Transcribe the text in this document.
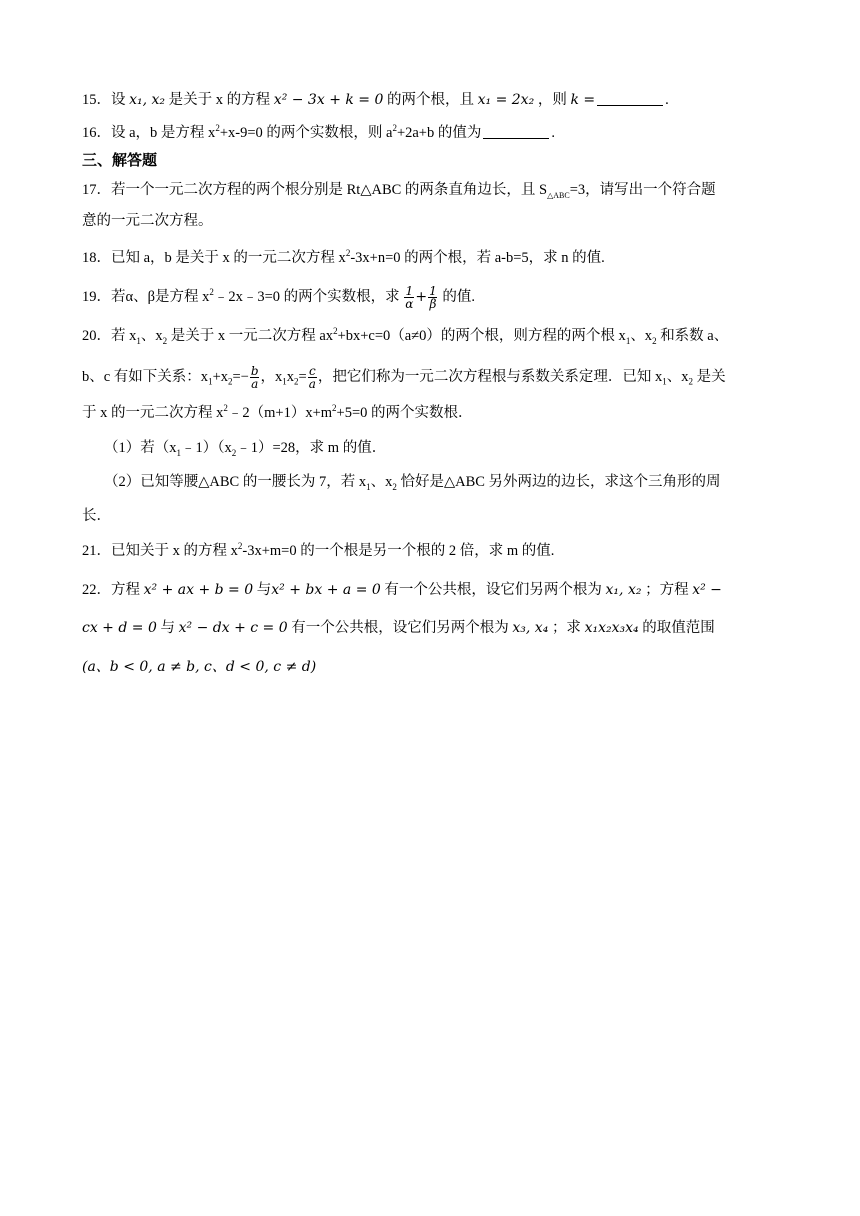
15．设 x₁, x₂ 是关于 x 的方程 x² − 3x + k = 0 的两个根，且 x₁ = 2x₂ ，则 k =	.
16．设 a，b 是方程 $x^2+x-9=0$ 的两个实数根，则 $a^2+2a+b$ 的值为	.
三、解答题
17．若一个一元二次方程的两个根分别是 Rt△ABC 的两条直角边长，且 $S_{\triangle ABC}=3$，请写出一个符合题
意的一元二次方程。
18．已知 a，b 是关于 x 的一元二次方程 $x^2-3x+n=0$ 的两个根，若 a-b=5，求 n 的值.
19．若α、β是方程 $x^2﹣2x﹣3=0$ 的两个实数根，求 $\frac{1}{\alpha} + \frac{1}{\beta}$ 的值.
20．若 $x_1$、$x_2$ 是关于 x 一元二次方程 $ax^2+bx+c=0(a\ne 0)$的两个根，则方程的两个根 $x_1$、$x_2$ 和系数 a、
b、c 有如下关系：$x_1+x_2=- \frac{b}{a}$ ，$x_1x_2= \frac{c}{a}$ ，把它们称为一元二次方程根与系数关系定理．已知 $x_1$、$x_2$ 是关
于 x 的一元二次方程 $x^2﹣2(m+1)x+m^2+5=0$ 的两个实数根．
（1）若$(x_1﹣1)(x_2﹣1)=28$，求 m 的值．
（2）已知等腰△ABC 的一腰长为 7，若 $x_1$、$x_2$ 恰好是△ABC 另外两边的边长，求这个三角形的周
长．
21．已知关于 x 的方程 $x^2-3x+m=0$ 的一个根是另一个根的 2 倍，求 m 的值.
22．方程 x² + ax + b = 0 与x² + bx + a = 0 有一个公共根，设它们另两个根为 x₁, x₂ ；方程 x² −
cx + d = 0 与 x² − dx + c = 0 有一个公共根，设它们另两个根为 x₃, x₄ ；求 x₁x₂x₃x₄ 的取值范围
(a、b < 0, a ≠ b, c、d < 0, c ≠ d)
